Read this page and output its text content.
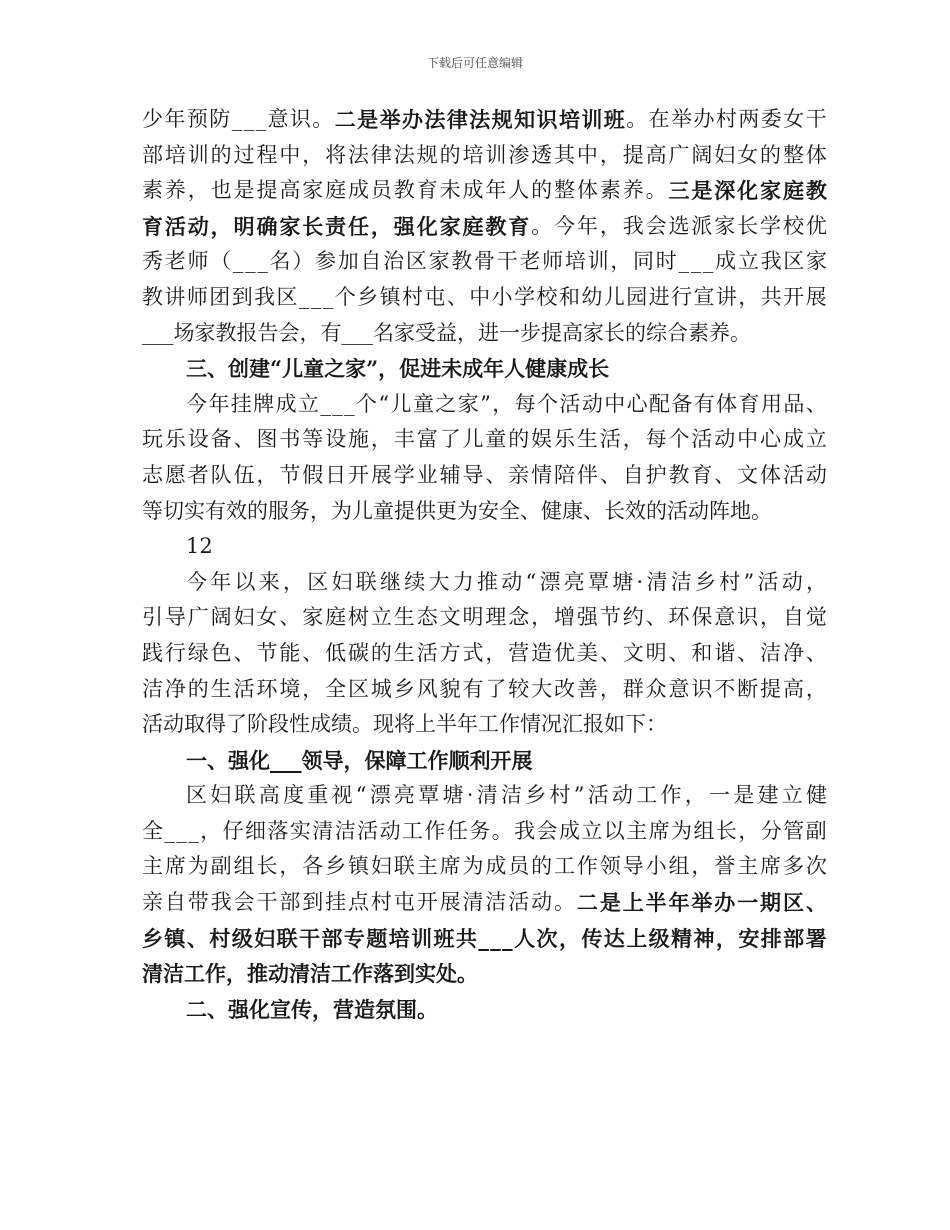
下载后可任意编辑
少 年 预 防 _ _ _ 意 识 。 二 是 举 办 法 律 法 规 知 识 培 训 班 。 在 举 办 村 两 委 女 干
部 培 训 的 过 程 中 ， 将 法 律 法 规 的 培 训 渗 透 其 中 ， 提 高 广 阔 妇 女 的 整 体
素 养 ， 也 是 提 高 家 庭 成 员 教 育 未 成 年 人 的 整 体 素 养 。 三 是 深 化 家 庭 教
育 活 动 ， 明 确 家 长 责 任 ， 强 化 家 庭 教 育 。 今 年 ， 我 会 选 派 家 长 学 校 优
秀 老 师 （ _ _ _ 名 ） 参 加 自 治 区 家 教 骨 干 老 师 培 训 ， 同 时 _ _ _ 成 立 我 区 家
教 讲 师 团 到 我 区 _ _ _ 个 乡 镇 村 屯 、 中 小 学 校 和 幼 儿 园 进 行 宣 讲 ， 共 开 展
___场家教报告会，有___名家受益，进一步提高家长的综合素养。
三、创建“儿童之家”，促进未成年人健康成长
今 年 挂 牌 成 立 _ _ _ 个 “ 儿 童 之 家 ” ， 每 个 活 动 中 心 配 备 有 体 育 用 品 、
玩 乐 设 备 、 图 书 等 设 施 ， 丰 富 了 儿 童 的 娱 乐 生 活 ， 每 个 活 动 中 心 成 立
志 愿 者 队 伍 ， 节 假 日 开 展 学 业 辅 导 、 亲 情 陪 伴 、 自 护 教 育 、 文 体 活 动
等切实有效的服务，为儿童提供更为安全、健康、长效的活动阵地。
12
今 年 以 来 ， 区 妇 联 继 续 大 力 推 动 “ 漂 亮 覃 塘 · 清 洁 乡 村 ” 活 动 ，
引 导 广 阔 妇 女 、 家 庭 树 立 生 态 文 明 理 念 ， 增 强 节 约 、 环 保 意 识 ， 自 觉
践 行 绿 色 、 节 能 、 低 碳 的 生 活 方 式 ， 营 造 优 美 、 文 明 、 和 谐 、 洁 净 、
洁 净 的 生 活 环 境 ， 全 区 城 乡 风 貌 有 了 较 大 改 善 ， 群 众 意 识 不 断 提 高 ，
活动取得了阶段性成绩。现将上半年工作情况汇报如下：
一、强化___领导，保障工作顺利开展
区 妇 联 高 度 重 视 “ 漂 亮 覃 塘 · 清 洁 乡 村 ” 活 动 工 作 ， 一 是 建 立 健
全 _ _ _ ， 仔 细 落 实 清 洁 活 动 工 作 任 务 。 我 会 成 立 以 主 席 为 组 长 ， 分 管 副
主 席 为 副 组 长 ， 各 乡 镇 妇 联 主 席 为 成 员 的 工 作 领 导 小 组 ， 誉 主 席 多 次
亲 自 带 我 会 干 部 到 挂 点 村 屯 开 展 清 洁 活 动 。 二 是 上 半 年 举 办 一 期 区 、
乡 镇 、 村 级 妇 联 干 部 专 题 培 训 班 共 _ _ _ 人 次 ， 传 达 上 级 精 神 ， 安 排 部 署
清洁工作，推动清洁工作落到实处。
二、强化宣传，营造氛围。
